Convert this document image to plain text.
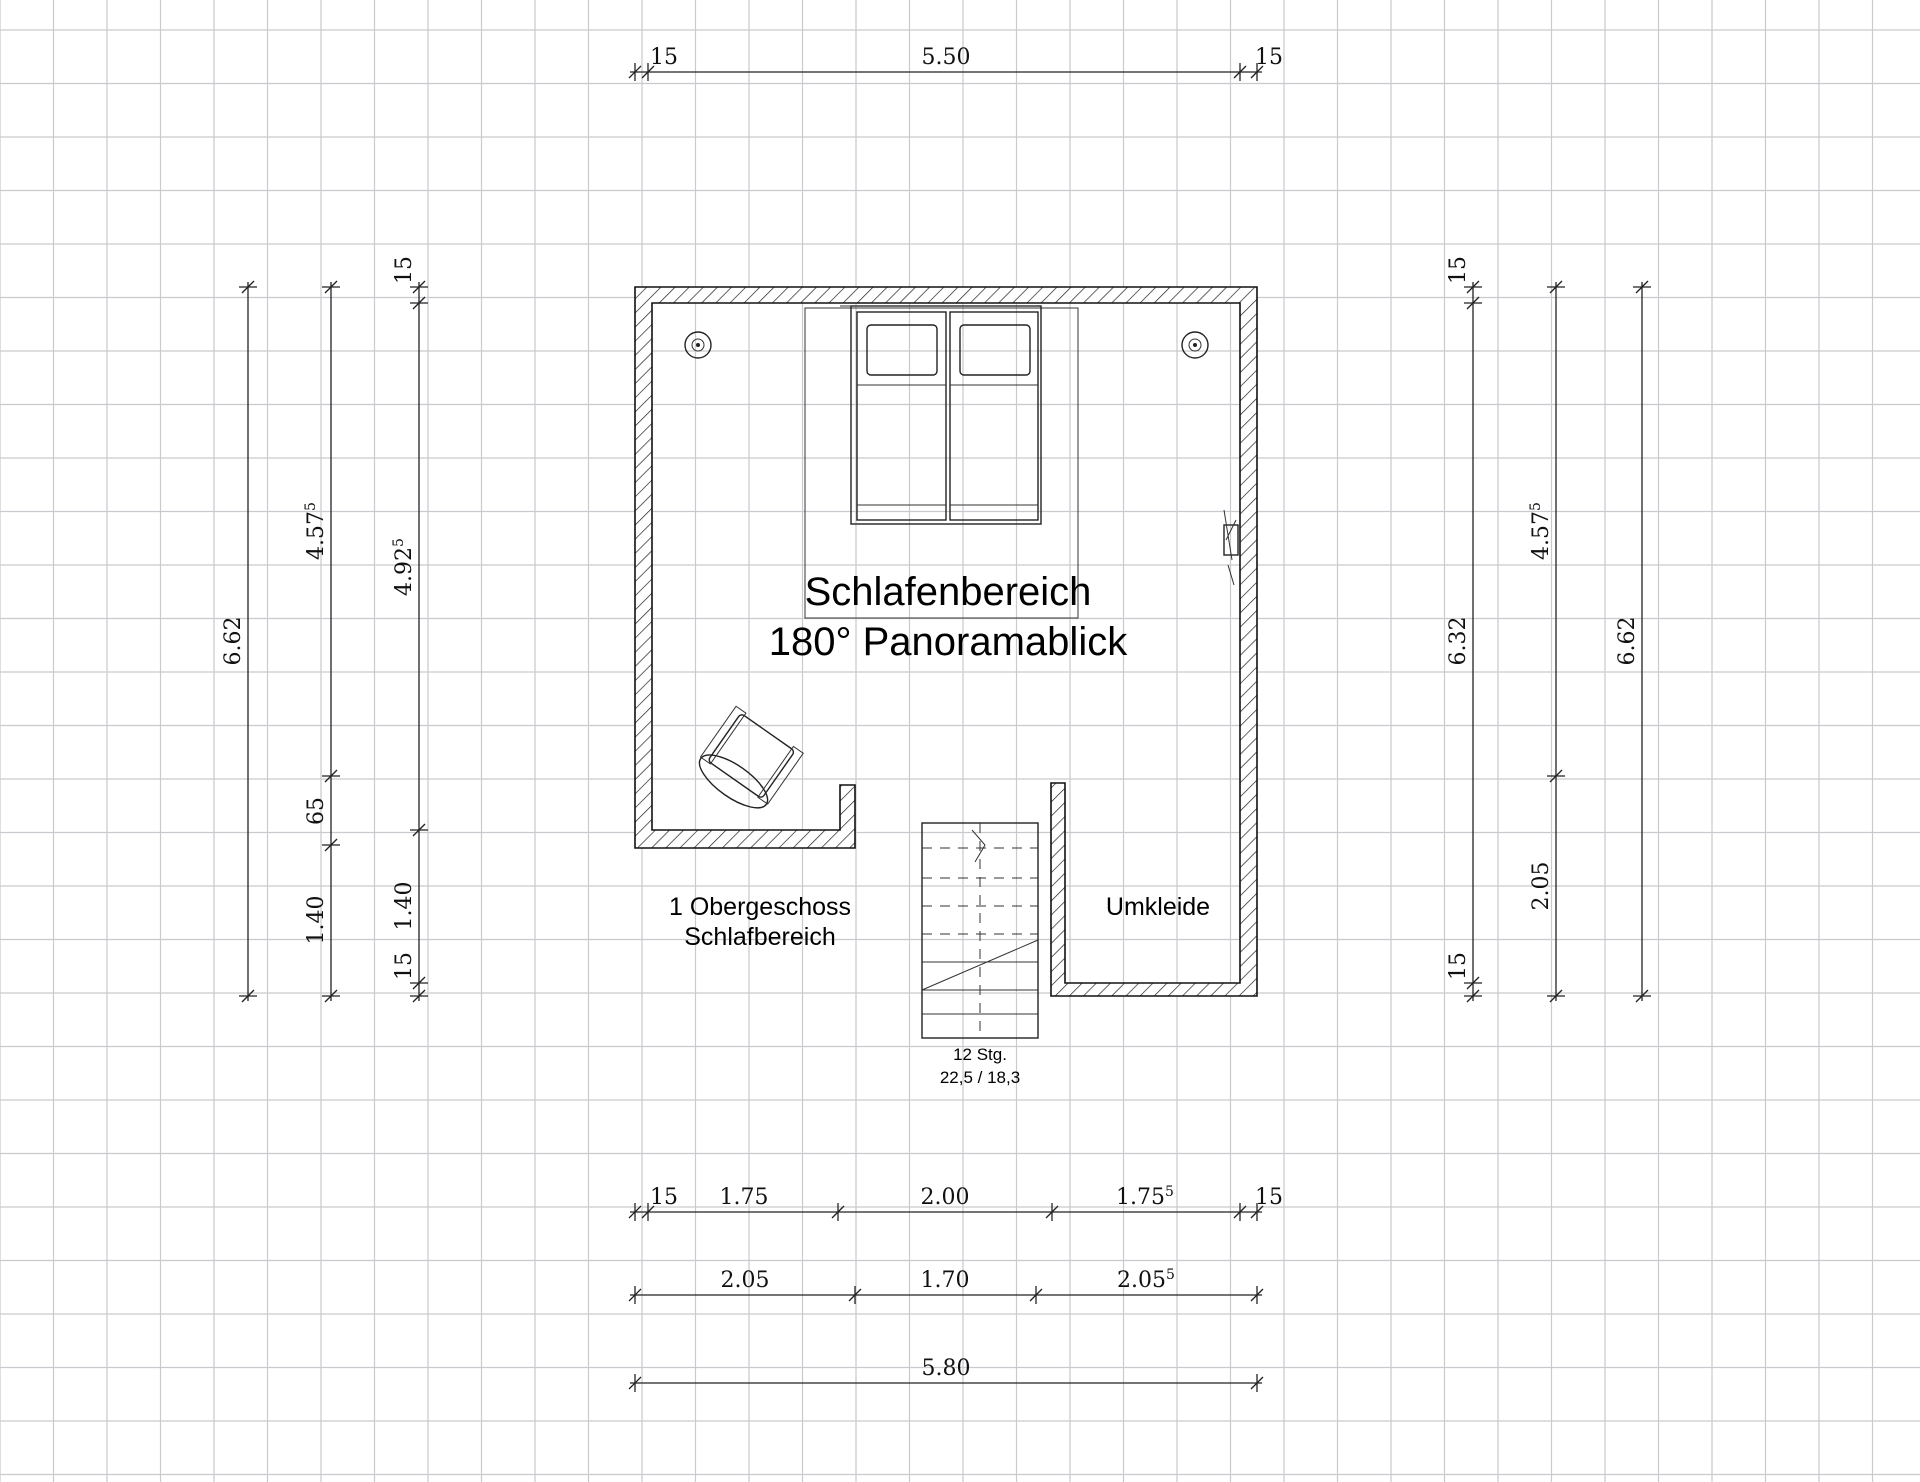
Schlafenbereich
180° Panoramablick
1 Obergeschoss
Schlafbereich
Umkleide
12 Stg.
22,5 / 18,3
15	5.50	15
15 1.75	2.00	1.75$^5$	15
2.05	1.70	2.05$^5$
5.80
6.62
4.57$^5$
65
1.40
15
4.92$^5$
1.40
15
15
6.32
15
4.57$^5$
2.05
6.62
